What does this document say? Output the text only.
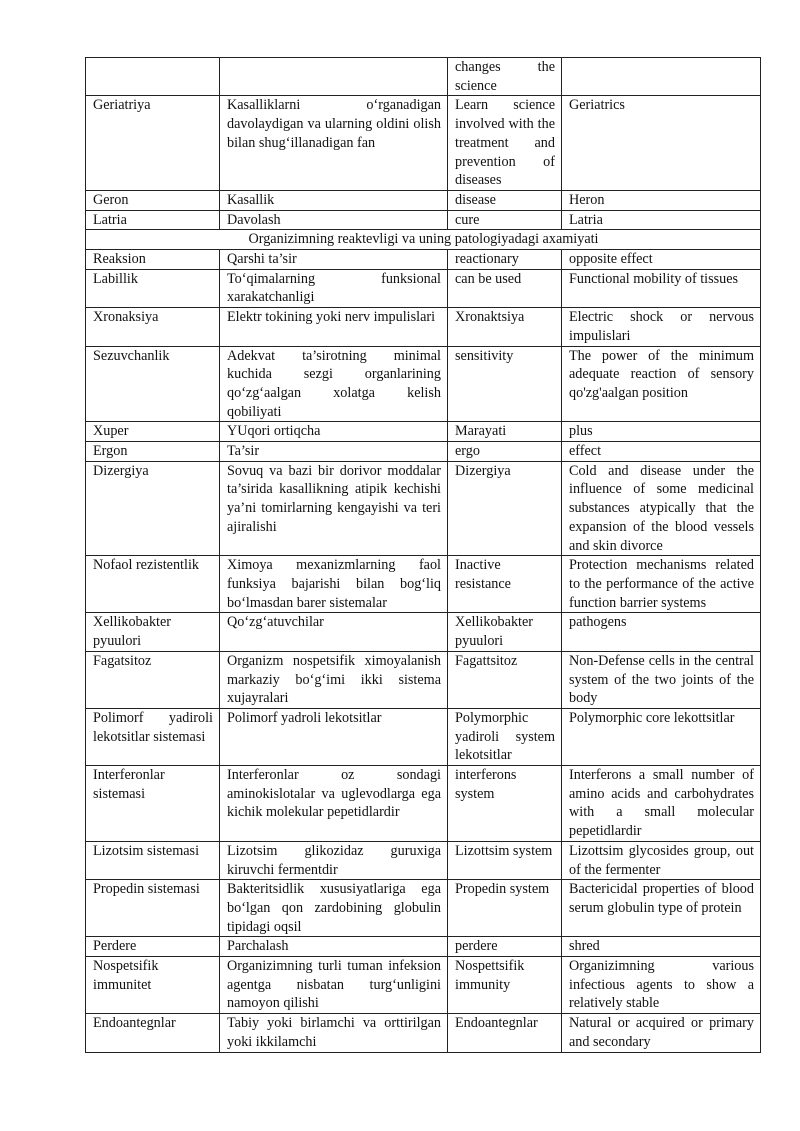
		changes the science	
Geriatriya	Kasalliklarni o‘rganadigan davolaydigan va ularning oldini olish bilan shug‘illanadigan fan	Learn science involved with the treatment and prevention of diseases	Geriatrics
Geron	Kasallik	disease	Heron
Latria	Davolash	cure	Latria
Organizimning reaktevligi va uning patologiyadagi axamiyati			
Reaksion	Qarshi ta’sir	reactionary	opposite effect
Labillik	To‘qimalarning funksional xarakatchanligi	can be used	Functional mobility of tissues
Xronaksiya	Elektr tokining yoki nerv impulislari	Xronaktsiya	Electric shock or nervous impulislari
Sezuvchanlik	Adekvat ta’sirotning minimal kuchida sezgi organlarining qo‘zg‘aalgan xolatga kelish qobiliyati	sensitivity	The power of the minimum adequate reaction of sensory qo'zg'aalgan position
Xuper	YUqori ortiqcha	Marayati	plus
Ergon	Ta’sir	ergo	effect
Dizergiya	Sovuq va bazi bir dorivor moddalar ta’sirida kasallikning atipik kechishi ya’ni tomirlarning kengayishi va teri ajiralishi	Dizergiya	Cold and disease under the influence of some medicinal substances atypically that the expansion of the blood vessels and skin divorce
Nofaol rezistentlik	Ximoya mexanizmlarning faol funksiya bajarishi bilan bog‘liq bo‘lmasdan barer sistemalar	Inactive resistance	Protection mechanisms related to the performance of the active function barrier systems
Xellikobakter pyuulori	Qo‘zg‘atuvchilar	Xellikobakter pyuulori	pathogens
Fagatsitoz	Organizm nospetsifik ximoyalanish markaziy bo‘g‘imi ikki sistema xujayralari	Fagattsitoz	Non-Defense cells in the central system of the two joints of the body
Polimorf yadiroli lekotsitlar sistemasi	Polimorf yadroli lekotsitlar	Polymorphic yadiroli system lekotsitlar	Polymorphic core lekottsitlar
Interferonlar sistemasi	Interferonlar oz sondagi aminokislotalar va uglevodlarga ega kichik molekular pepetidlardir	interferons system	Interferons a small number of amino acids and carbohydrates with a small molecular pepetidlardir
Lizotsim sistemasi	Lizotsim glikozidaz guruxiga kiruvchi fermentdir	Lizottsim system	Lizottsim glycosides group, out of the fermenter
Propedin sistemasi	Bakteritsidlik xususiyatlariga ega bo‘lgan qon zardobining globulin tipidagi oqsil	Propedin system	Bactericidal properties of blood serum globulin type of protein
Perdere	Parchalash	perdere	shred
Nospetsifik immunitet	Organizimning turli tuman infeksion agentga nisbatan turg‘unligini namoyon qilishi	Nospettsifik immunity	Organizimning various infectious agents to show a relatively stable
Endoantegnlar	Tabiy yoki birlamchi va orttirilgan yoki ikkilamchi	Endoantegnlar	Natural or acquired or primary and secondary
